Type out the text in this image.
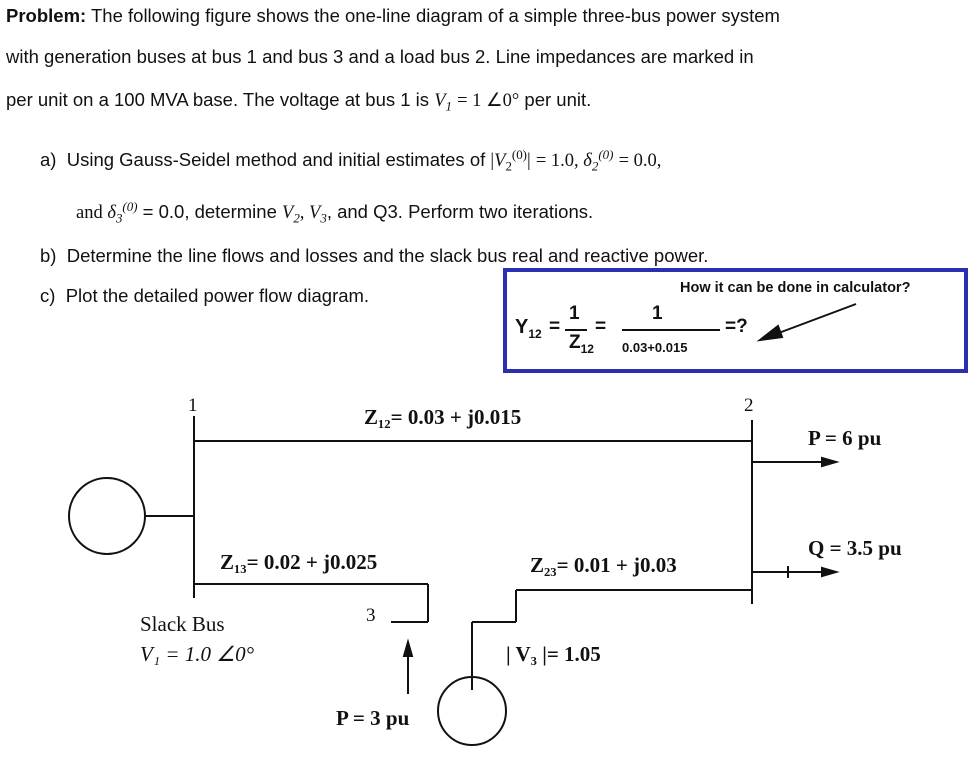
Problem: The following figure shows the one-line diagram of a simple three-bus power system
with generation buses at bus 1 and bus 3 and a load bus 2. Line impedances are marked in
per unit on a 100 MVA base. The voltage at bus 1 is $V_1 = 1$ ∠0° per unit.
a) Using Gauss-Seidel method and initial estimates of $|V_2^{(0)}| = 1.0$, $\delta_2^{(0)} = 0.0$,
and $\delta_3^{(0)} = 0.0$, determine $V_2$, $V_3$, and Q3. Perform two iterations.
b) Determine the line flows and losses and the slack bus real and reactive power.
c) Plot the detailed power flow diagram.	How it can be done in calculator?
$Y_{12}$ =
1
$Z_{12}$
=
1
0.03+0.015
=?
1	2
3
Z₁₂= 0.03 + j0.015
Z₁₃= 0.02 + j0.025	Z₂₃= 0.01 + j0.03
P = 6 pu
Q = 3.5 pu
Slack Bus
V₁ = 1.0 ∠0°	| V₃ |= 1.05
P = 3 pu
